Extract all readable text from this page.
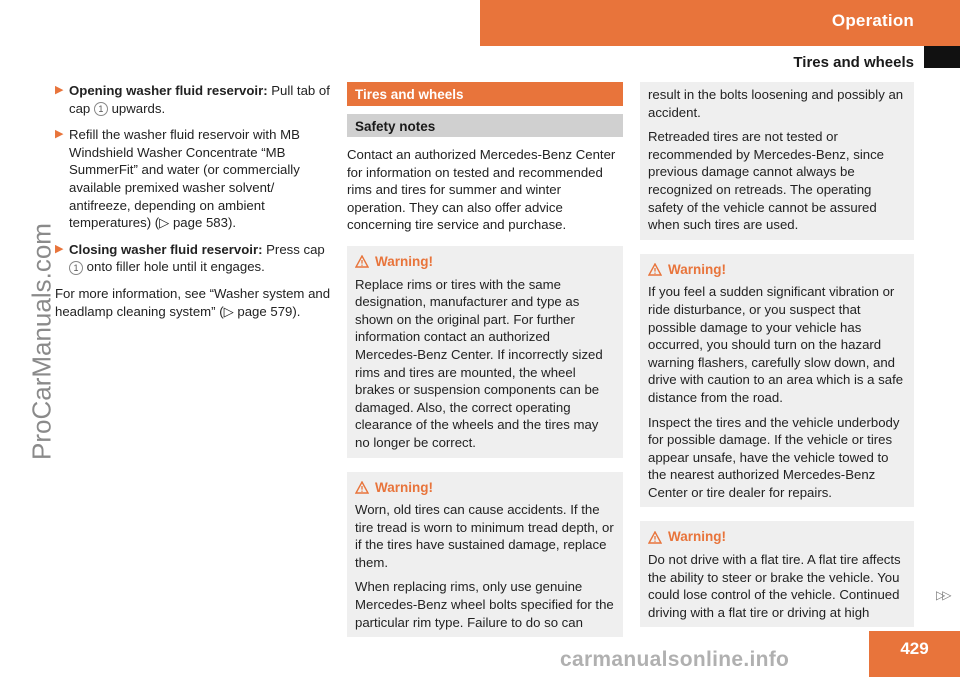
Operation
Tires and wheels
ProCarManuals.com
▶ Opening washer fluid reservoir: Pull tab of cap 1 upwards.
▶ Refill the washer fluid reservoir with MB Windshield Washer Concentrate “MB SummerFit” and water (or commercially available premixed washer solvent/ antifreeze, depending on ambient temperatures) (▷ page 583).
▶ Closing washer fluid reservoir: Press cap 1 onto filler hole until it engages.

For more information, see “Washer system and headlamp cleaning system” (▷ page 579).

Tires and wheels
Safety notes

Contact an authorized Mercedes-Benz Center for information on tested and recommended rims and tires for summer and winter operation. They can also offer advice concerning tire service and purchase.

Warning!

Replace rims or tires with the same designation, manufacturer and type as shown on the original part. For further information contact an authorized Mercedes-Benz Center. If incorrectly sized rims and tires are mounted, the wheel brakes or suspension components can be damaged. Also, the correct operating clearance of the wheels and the tires may no longer be correct.

Warning!

Worn, old tires can cause accidents. If the tire tread is worn to minimum tread depth, or if the tires have sustained damage, replace them.

When replacing rims, only use genuine Mercedes-Benz wheel bolts specified for the particular rim type. Failure to do so can

result in the bolts loosening and possibly an accident.

Retreaded tires are not tested or recommended by Mercedes-Benz, since previous damage cannot always be recognized on retreads. The operating safety of the vehicle cannot be assured when such tires are used.

Warning!

If you feel a sudden significant vibration or ride disturbance, or you suspect that possible damage to your vehicle has occurred, you should turn on the hazard warning flashers, carefully slow down, and drive with caution to an area which is a safe distance from the road.

Inspect the tires and the vehicle underbody for possible damage. If the vehicle or tires appear unsafe, have the vehicle towed to the nearest authorized Mercedes-Benz Center or tire dealer for repairs.

Warning!

Do not drive with a flat tire. A flat tire affects the ability to steer or brake the vehicle. You could lose control of the vehicle. Continued driving with a flat tire or driving at high

▷▷
429
carmanualsonline.info
